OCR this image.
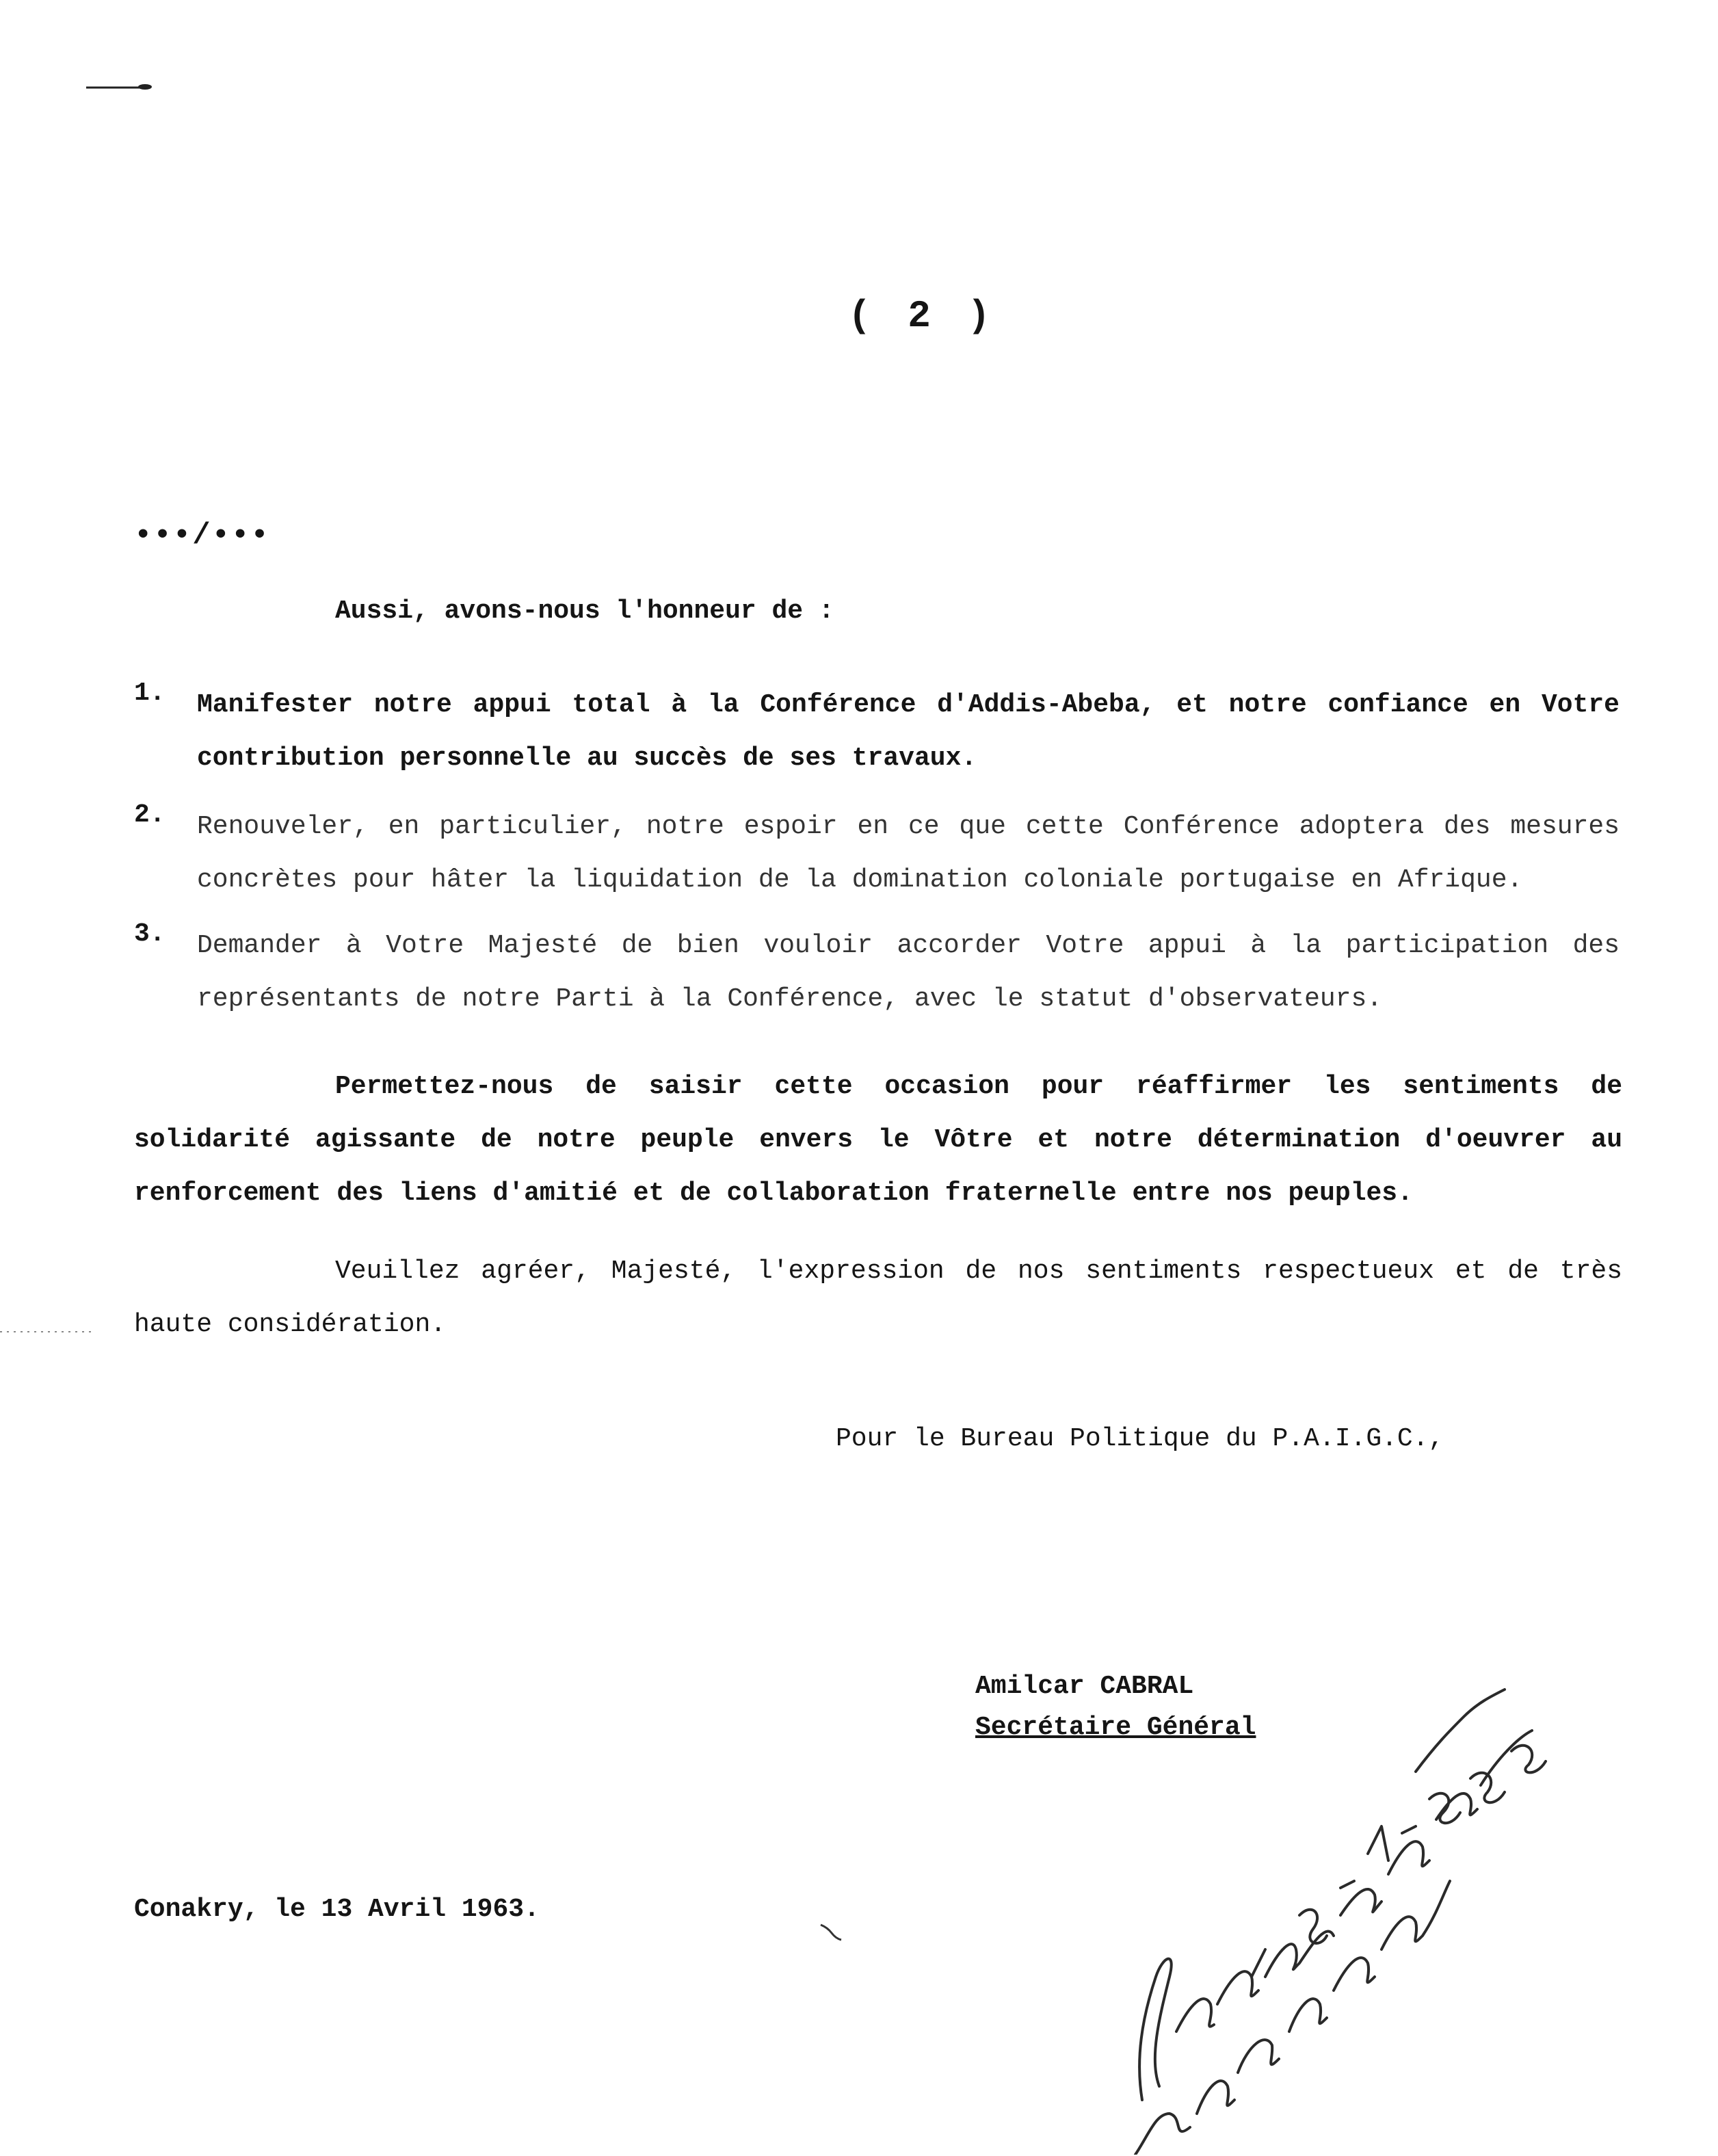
( 2 )
•••/•••
Aussi, avons-nous l'honneur de :
1. Manifester notre appui total à la Conférence d'Addis-Abeba, et notre confiance en Votre contribution personnelle au succès de ses travaux.
2. Renouveler, en particulier, notre espoir en ce que cette Conférence adoptera des mesures concrètes pour hâter la liquidation de la domination coloniale portugaise en Afrique.
3. Demander à Votre Majesté de bien vouloir accorder Votre appui à la participation des représentants de notre Parti à la Conférence, avec le statut d'observateurs.
Permettez-nous de saisir cette occasion pour réaffirmer les sentiments de solidarité agissante de notre peuple envers le Vôtre et notre détermination d'oeuvrer au renforcement des liens d'amitié et de collaboration fraternelle entre nos peuples.
Veuillez agréer, Majesté, l'expression de nos sentiments respectueux et de très haute considération.
Pour le Bureau Politique du P.A.I.G.C.,
Amilcar CABRAL
Secrétaire Général
Conakry, le 13 Avril 1963.
